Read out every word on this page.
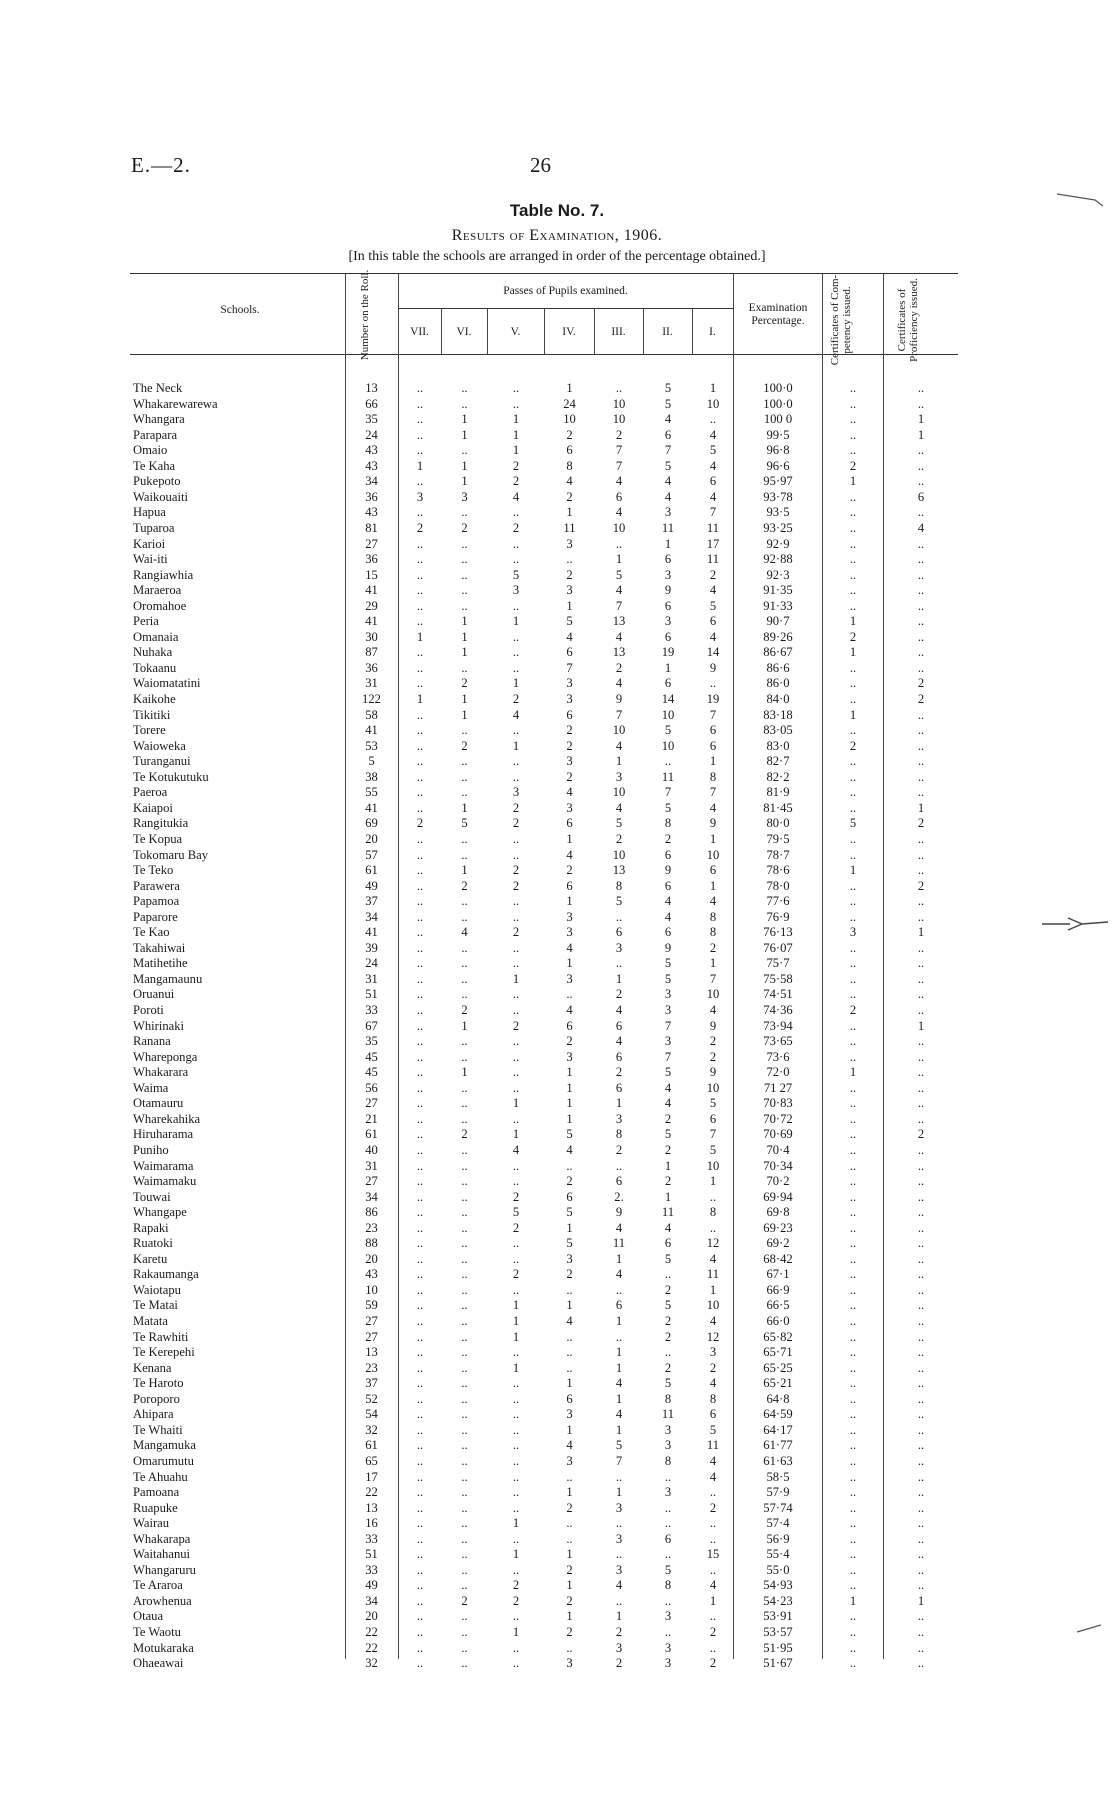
E.—2.	26
Table No. 7.
Results of Examination, 1906.
[In this table the schools are arranged in order of the percentage obtained.]
Schools.	Number on the Roll.	Passes of Pupils examined.
VII.	VI.	V.	IV.	III.	II.	I.
Examination Percentage.	Certificates of Com-petency issued.	Certificates of Proficiency issued.
The Neck	13	..	..	..	1	..	5	1	100·0	..	..
Whakarewarewa	66	..	..	..	24	10	5	10	100·0	..	..
Whangara	35	..	1	1	10	10	4	..	100 0	..	1
Parapara	24	..	1	1	2	2	6	4	99·5	..	1
Omaio	43	..	..	1	6	7	7	5	96·8	..	..
Te Kaha	43	1	1	2	8	7	5	4	96·6	2	..
Pukepoto	34	..	1	2	4	4	4	6	95·97	1	..
Waikouaiti	36	3	3	4	2	6	4	4	93·78	..	6
Hapua	43	..	..	..	1	4	3	7	93·5	..	..
Tuparoa	81	2	2	2	11	10	11	11	93·25	..	4
Karioi	27	..	..	..	3	..	1	17	92·9	..	..
Wai-iti	36	..	..	..	..	1	6	11	92·88	..	..
Rangiawhia	15	..	..	5	2	5	3	2	92·3	..	..
Maraeroa	41	..	..	3	3	4	9	4	91·35	..	..
Oromahoe	29	..	..	..	1	7	6	5	91·33	..	..
Peria	41	..	1	1	5	13	3	6	90·7	1	..
Omanaia	30	1	1	..	4	4	6	4	89·26	2	..
Nuhaka	87	..	1	..	6	13	19	14	86·67	1	..
Tokaanu	36	..	..	..	7	2	1	9	86·6	..	..
Waiomatatini	31	..	2	1	3	4	6	..	86·0	..	2
Kaikohe	122	1	1	2	3	9	14	19	84·0	..	2
Tikitiki	58	..	1	4	6	7	10	7	83·18	1	..
Torere	41	..	..	..	2	10	5	6	83·05	..	..
Waioweka	53	..	2	1	2	4	10	6	83·0	2	..
Turanganui	5	..	..	..	3	1	..	1	82·7	..	..
Te Kotukutuku	38	..	..	..	2	3	11	8	82·2	..	..
Paeroa	55	..	..	3	4	10	7	7	81·9	..	..
Kaiapoi	41	..	1	2	3	4	5	4	81·45	..	1
Rangitukia	69	2	5	2	6	5	8	9	80·0	5	2
Te Kopua	20	..	..	..	1	2	2	1	79·5	..	..
Tokomaru Bay	57	..	..	..	4	10	6	10	78·7	..	..
Te Teko	61	..	1	2	2	13	9	6	78·6	1	..
Parawera	49	..	2	2	6	8	6	1	78·0	..	2
Papamoa	37	..	..	..	1	5	4	4	77·6	..	..
Paparore	34	..	..	..	3	..	4	8	76·9	..	..
Te Kao	41	..	4	2	3	6	6	8	76·13	3	1
Takahiwai	39	..	..	..	4	3	9	2	76·07	..	..
Matihetihe	24	..	..	..	1	..	5	1	75·7	..	..
Mangamaunu	31	..	..	1	3	1	5	7	75·58	..	..
Oruanui	51	..	..	..	..	2	3	10	74·51	..	..
Poroti	33	..	2	..	4	4	3	4	74·36	2	..
Whirinaki	67	..	1	2	6	6	7	9	73·94	..	1
Ranana	35	..	..	..	2	4	3	2	73·65	..	..
Whareponga	45	..	..	..	3	6	7	2	73·6	..	..
Whakarara	45	..	1	..	1	2	5	9	72·0	1	..
Waima	56	..	..	..	1	6	4	10	71 27	..	..
Otamauru	27	..	..	1	1	1	4	5	70·83	..	..
Wharekahika	21	..	..	..	1	3	2	6	70·72	..	..
Hiruharama	61	..	2	1	5	8	5	7	70·69	..	2
Puniho	40	..	..	4	4	2	2	5	70·4	..	..
Waimarama	31	..	..	..	..	..	1	10	70·34	..	..
Waimamaku	27	..	..	..	2	6	2	1	70·2	..	..
Touwai	34	..	..	2	6	2.	1	..	69·94	..	..
Whangape	86	..	..	5	5	9	11	8	69·8	..	..
Rapaki	23	..	..	2	1	4	4	..	69·23	..	..
Ruatoki	88	..	..	..	5	11	6	12	69·2	..	..
Karetu	20	..	..	..	3	1	5	4	68·42	..	..
Rakaumanga	43	..	..	2	2	4	..	11	67·1	..	..
Waiotapu	10	..	..	..	..	..	2	1	66·9	..	..
Te Matai	59	..	..	1	1	6	5	10	66·5	..	..
Matata	27	..	..	1	4	1	2	4	66·0	..	..
Te Rawhiti	27	..	..	1	..	..	2	12	65·82	..	..
Te Kerepehi	13	..	..	..	..	1	..	3	65·71	..	..
Kenana	23	..	..	1	..	1	2	2	65·25	..	..
Te Haroto	37	..	..	..	1	4	5	4	65·21	..	..
Poroporo	52	..	..	..	6	1	8	8	64·8	..	..
Ahipara	54	..	..	..	3	4	11	6	64·59	..	..
Te Whaiti	32	..	..	..	1	1	3	5	64·17	..	..
Mangamuka	61	..	..	..	4	5	3	11	61·77	..	..
Omarumutu	65	..	..	..	3	7	8	4	61·63	..	..
Te Ahuahu	17	..	..	..	..	..	..	4	58·5	..	..
Pamoana	22	..	..	..	1	1	3	..	57·9	..	..
Ruapuke	13	..	..	..	2	3	..	2	57·74	..	..
Wairau	16	..	..	1	..	..	..	..	57·4	..	..
Whakarapa	33	..	..	..	..	3	6	..	56·9	..	..
Waitahanui	51	..	..	1	1	..	..	15	55·4	..	..
Whangaruru	33	..	..	..	2	3	5	..	55·0	..	..
Te Araroa	49	..	..	2	1	4	8	4	54·93	..	..
Arowhenua	34	..	2	2	2	..	..	1	54·23	1	1
Otaua	20	..	..	..	1	1	3	..	53·91	..	..
Te Waotu	22	..	..	1	2	2	..	2	53·57	..	..
Motukaraka	22	..	..	..	..	3	3	..	51·95	..	..
Ohaeawai	32	..	..	..	3	2	3	2	51·67	..	..
